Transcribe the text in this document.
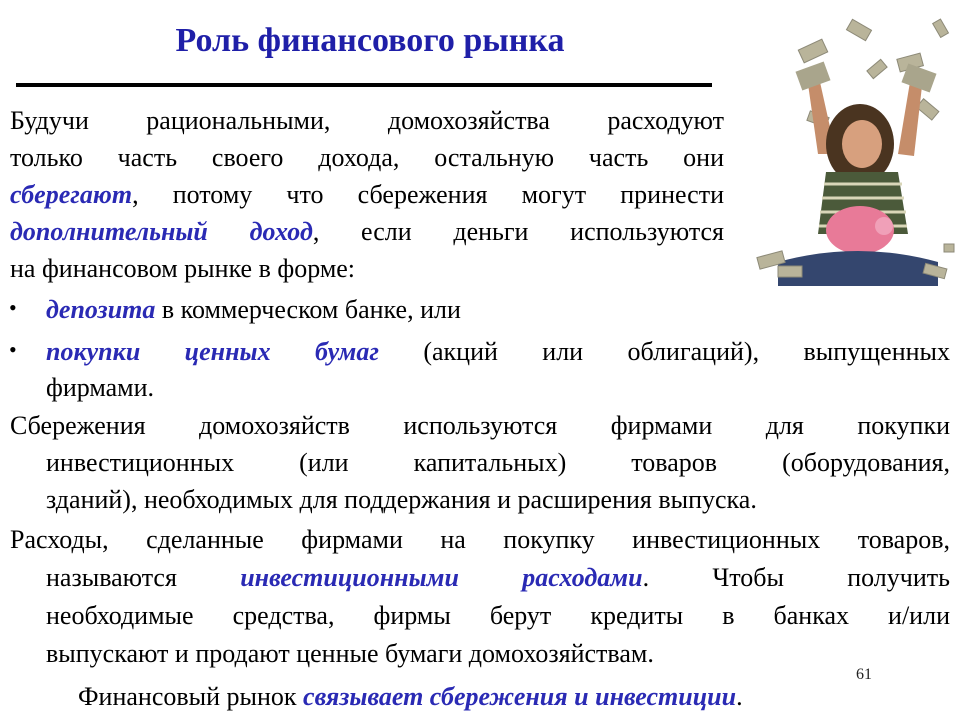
Роль финансового рынка
Будучи рациональными, домохозяйства расходуют
только часть своего дохода, остальную часть они
сберегают, потому что сбережения могут принести
дополнительный доход, если деньги используются
на финансовом рынке в форме:
• депозита в коммерческом банке, или
• покупки ценных бумаг (акций или облигаций), выпущенных
фирмами.
Сбережения домохозяйств используются фирмами для покупки
инвестиционных (или капитальных) товаров (оборудования,
зданий), необходимых для поддержания и расширения выпуска.
Расходы, сделанные фирмами на покупку инвестиционных товаров,
называются инвестиционными расходами. Чтобы получить
необходимые средства, фирмы берут кредиты в банках и/или
выпускают и продают ценные бумаги домохозяйствам.
61
Финансовый рынок связывает сбережения и инвестиции.
